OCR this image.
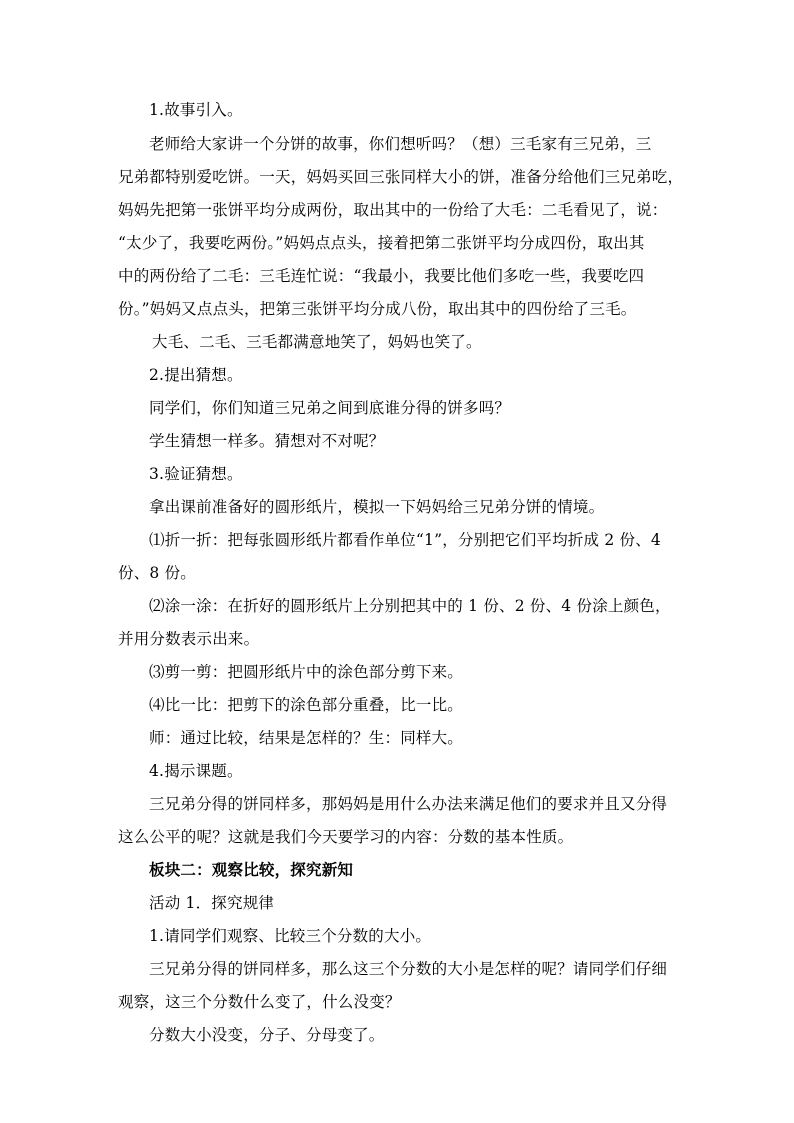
1.故事引入。
老师给大家讲一个分饼的故事，你们想听吗？（想）三毛家有三兄弟，三
兄弟都特别爱吃饼。一天，妈妈买回三张同样大小的饼，准备分给他们三兄弟吃，
妈妈先把第一张饼平均分成两份，取出其中的一份给了大毛：二毛看见了，说：
“太少了，我要吃两份。”妈妈点点头，接着把第二张饼平均分成四份，取出其
中的两份给了二毛：三毛连忙说：“我最小，我要比他们多吃一些，我要吃四
份。”妈妈又点点头，把第三张饼平均分成八份，取出其中的四份给了三毛。
大毛、二毛、三毛都满意地笑了，妈妈也笑了。
2.提出猜想。
同学们，你们知道三兄弟之间到底谁分得的饼多吗？
学生猜想一样多。猜想对不对呢？
3.验证猜想。
拿出课前准备好的圆形纸片，模拟一下妈妈给三兄弟分饼的情境。
⑴折一折：把每张圆形纸片都看作单位“1”，分别把它们平均折成 2 份、4
份、8 份。
⑵涂一涂：在折好的圆形纸片上分别把其中的 1 份、2 份、4 份涂上颜色，
并用分数表示出来。
⑶剪一剪：把圆形纸片中的涂色部分剪下来。
⑷比一比：把剪下的涂色部分重叠，比一比。
师：通过比较，结果是怎样的？生：同样大。
4.揭示课题。
三兄弟分得的饼同样多，那妈妈是用什么办法来满足他们的要求并且又分得
这么公平的呢？这就是我们今天要学习的内容：分数的基本性质。
板块二：观察比较，探究新知
活动 1．探究规律
1.请同学们观察、比较三个分数的大小。
三兄弟分得的饼同样多，那么这三个分数的大小是怎样的呢？请同学们仔细
观察，这三个分数什么变了，什么没变？
分数大小没变，分子、分母变了。
